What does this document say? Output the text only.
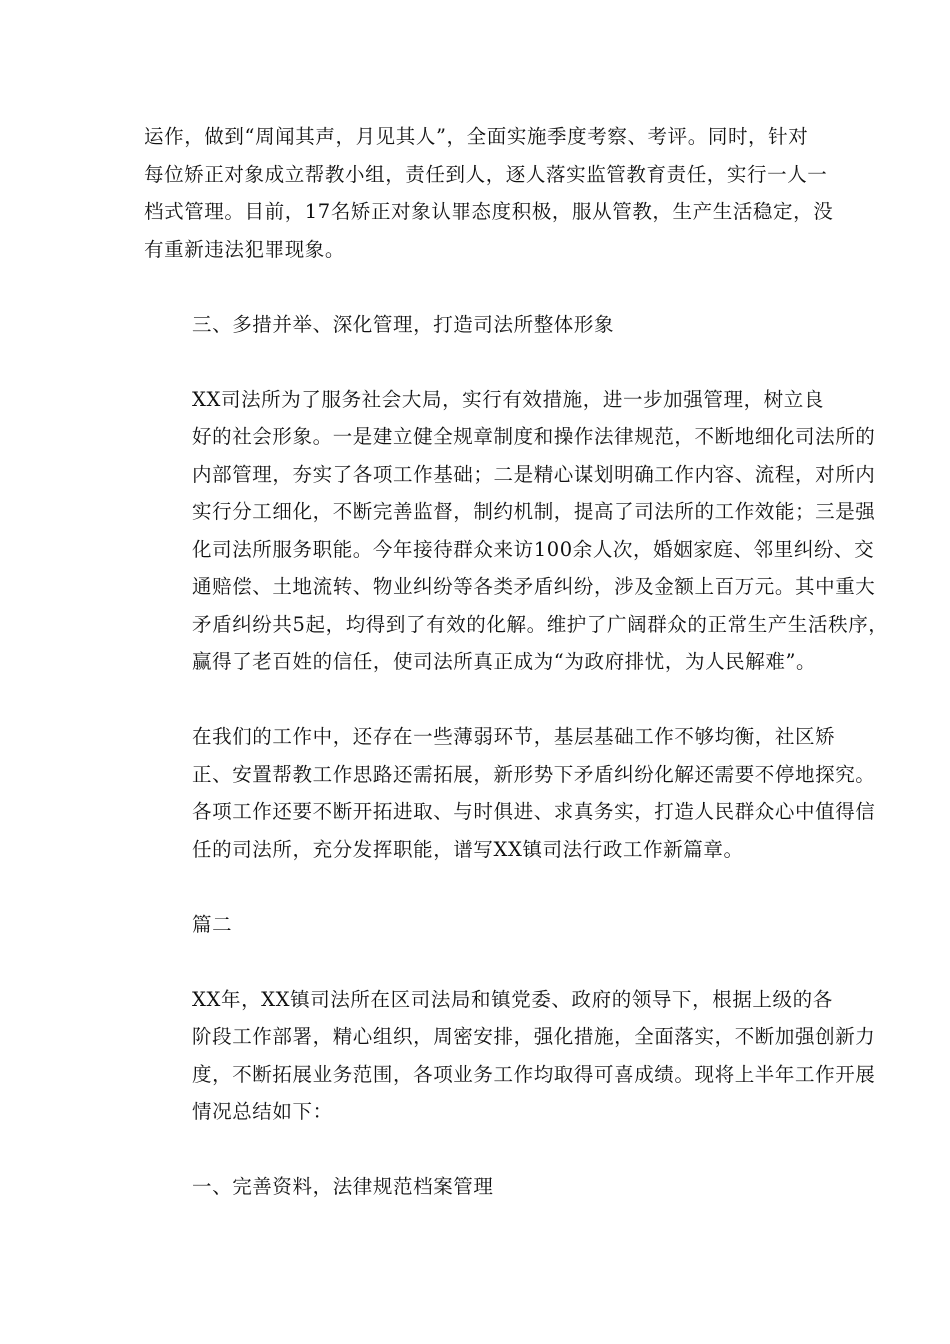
运作，做到“周闻其声，月见其人”，全面实施季度考察、考评。同时，针对
每位矫正对象成立帮教小组，责任到人，逐人落实监管教育责任，实行一人一
档式管理。目前，17名矫正对象认罪态度积极，服从管教，生产生活稳定，没
有重新违法犯罪现象。

三、多措并举、深化管理，打造司法所整体形象

XX司法所为了服务社会大局，实行有效措施，进一步加强管理，树立良
好的社会形象。一是建立健全规章制度和操作法律规范，不断地细化司法所的
内部管理，夯实了各项工作基础；二是精心谋划明确工作内容、流程，对所内
实行分工细化，不断完善监督，制约机制，提高了司法所的工作效能；三是强
化司法所服务职能。今年接待群众来访100余人次，婚姻家庭、邻里纠纷、交
通赔偿、土地流转、物业纠纷等各类矛盾纠纷，涉及金额上百万元。其中重大
矛盾纠纷共5起，均得到了有效的化解。维护了广阔群众的正常生产生活秩序，
赢得了老百姓的信任，使司法所真正成为“为政府排忧，为人民解难”。

在我们的工作中，还存在一些薄弱环节，基层基础工作不够均衡，社区矫
正、安置帮教工作思路还需拓展，新形势下矛盾纠纷化解还需要不停地探究。
各项工作还要不断开拓进取、与时俱进、求真务实，打造人民群众心中值得信
任的司法所，充分发挥职能，谱写XX镇司法行政工作新篇章。

篇二

XX年，XX镇司法所在区司法局和镇党委、政府的领导下，根据上级的各
阶段工作部署，精心组织，周密安排，强化措施，全面落实，不断加强创新力
度，不断拓展业务范围，各项业务工作均取得可喜成绩。现将上半年工作开展
情况总结如下：

一、完善资料，法律规范档案管理
